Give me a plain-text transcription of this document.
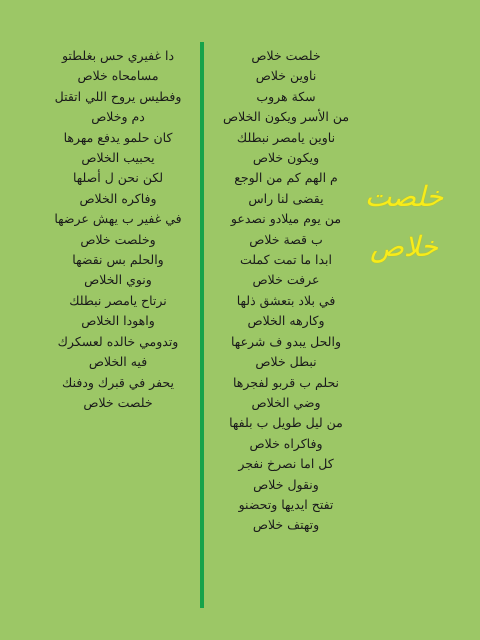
دا غفيري حس بغلطتو
مسامحاه خلاص
وفطيس يروح اللي اتقتل
دم وخلاص
كان حلمو يدفع مهرها
يحبيب الخلاص
لكن نحن ل أصلها
وفاكره الخلاص
في غفير ب يهش عرضها
وخلصت خلاص
والحلم بس نقضها
ونوي الخلاص
نرتاح يامصر نبطلك
واهودا الخلاص
وتدومي خالده لعسكرك
فيه الخلاص
يحفر في قبرك ودفنك
خلصت خلاص
خلصت خلاص
ناوين خلاص
سكة هروب
من الأسر ويكون الخلاص
ناوين يامصر نبطلك
ويكون خلاص
م الهم كم من الوجع
يقضى لنا راس
من يوم ميلادو نصدعو
ب قصة خلاص
ابدا ما تمت كملت
عرفت خلاص
في بلاد بتعشق ذلها
وكارهه الخلاص
والحل يبدو ف شرعها
نبطل خلاص
نحلم ب قربو لفجرها
وضي الخلاص
من ليل طويل ب بلفها
وفاكراه خلاص
كل اما نصرخ نفجر
ونقول خلاص
تفتح ايديها وتحضنو
وتهتف خلاص
خلصت
خلاص
